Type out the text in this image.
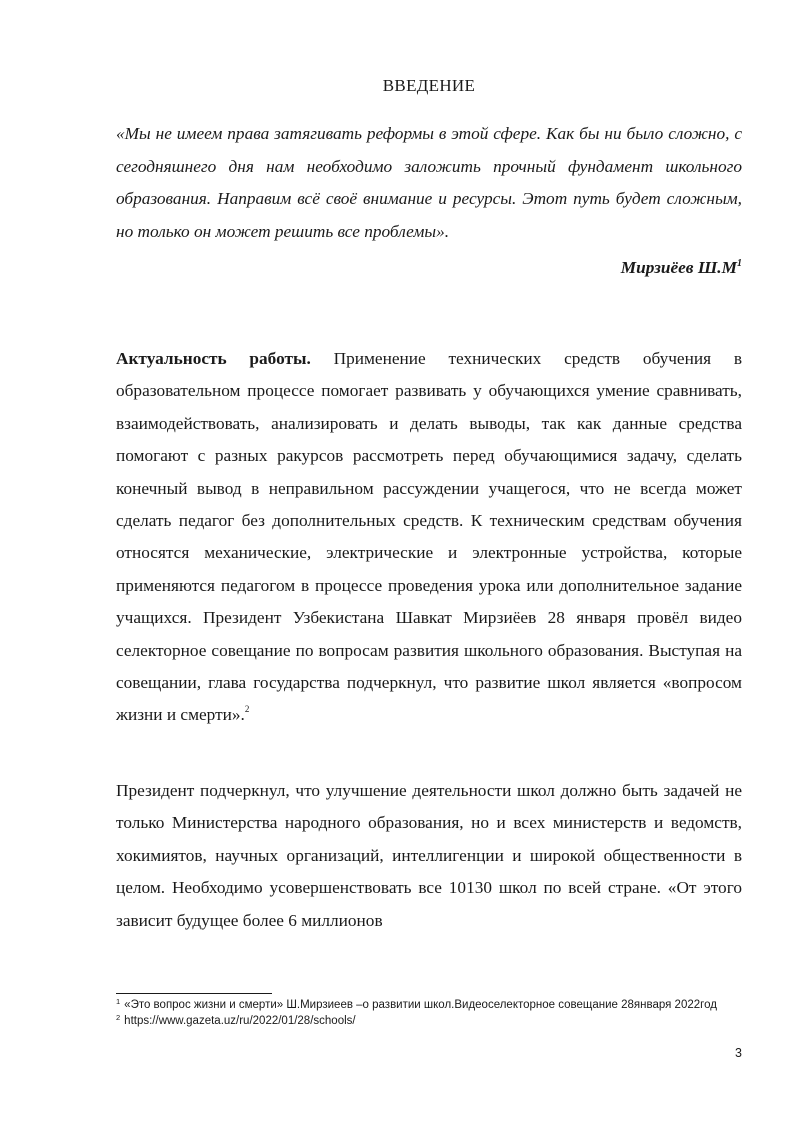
ВВЕДЕНИЕ
«Мы не имеем права затягивать реформы в этой сфере. Как бы ни было сложно, с сегодняшнего дня нам необходимо заложить прочный фундамент школьного образования. Направим всё своё внимание и ресурсы. Этот путь будет сложным, но только он может решить все проблемы».
Мирзиёев $Ш.М^1$
Актуальность работы. Применение технических средств обучения в образовательном процессе помогает развивать у обучающихся умение сравнивать, взаимодействовать, анализировать и делать выводы, так как данные средства помогают с разных ракурсов рассмотреть перед обучающимися задачу, сделать конечный вывод в неправильном рассуждении учащегося, что не всегда может сделать педагог без дополнительных средств. К техническим средствам обучения относятся механические, электрические и электронные устройства, которые применяются педагогом в процессе проведения урока или дополнительное задание учащихся. Президент Узбекистана Шавкат Мирзиёев 28 января провёл видео селекторное совещание по вопросам развития школьного образования. Выступая на совещании, глава государства подчеркнул, что развитие школ является «вопросом жизни и смерти».$^2$
Президент подчеркнул, что улучшение деятельности школ должно быть задачей не только Министерства народного образования, но и всех министерств и ведомств, хокимиятов, научных организаций, интеллигенции и широкой общественности в целом. Необходимо усовершенствовать все 10130 школ по всей стране. «От этого зависит будущее более 6 миллионов
$^1$ «Это вопрос жизни и смерти» Ш.Мирзиеев –о развитии школ.Видеоселекторное совещание 28января 2022год
$^2$ https://www.gazeta.uz/ru/2022/01/28/schools/
3
